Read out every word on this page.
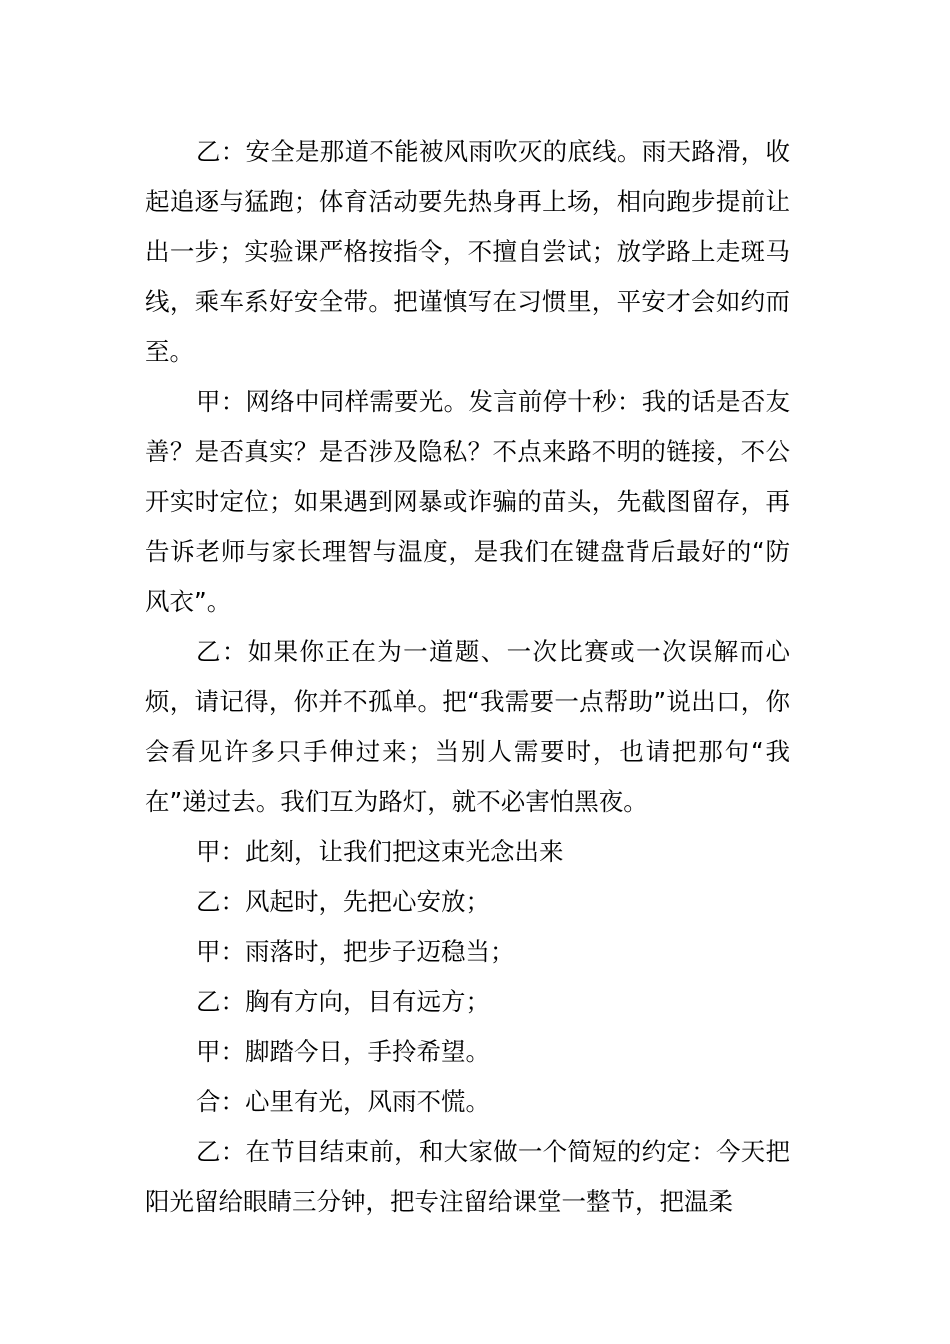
乙：安全是那道不能被风雨吹灭的底线。雨天路滑，收起追逐与猛跑；体育活动要先热身再上场，相向跑步提前让出一步；实验课严格按指令，不擅自尝试；放学路上走斑马线，乘车系好安全带。把谨慎写在习惯里，平安才会如约而至。

甲：网络中同样需要光。发言前停十秒：我的话是否友善？是否真实？是否涉及隐私？不点来路不明的链接，不公开实时定位；如果遇到网暴或诈骗的苗头，先截图留存，再告诉老师与家长理智与温度，是我们在键盘背后最好的“防风衣”。

乙：如果你正在为一道题、一次比赛或一次误解而心烦，请记得，你并不孤单。把“我需要一点帮助”说出口，你会看见许多只手伸过来；当别人需要时，也请把那句“我在”递过去。我们互为路灯，就不必害怕黑夜。

甲：此刻，让我们把这束光念出来

乙：风起时，先把心安放；

甲：雨落时，把步子迈稳当；

乙：胸有方向，目有远方；

甲：脚踏今日，手拎希望。

合：心里有光，风雨不慌。

乙：在节目结束前，和大家做一个简短的约定：今天把阳光留给眼睛三分钟，把专注留给课堂一整节，把温柔
